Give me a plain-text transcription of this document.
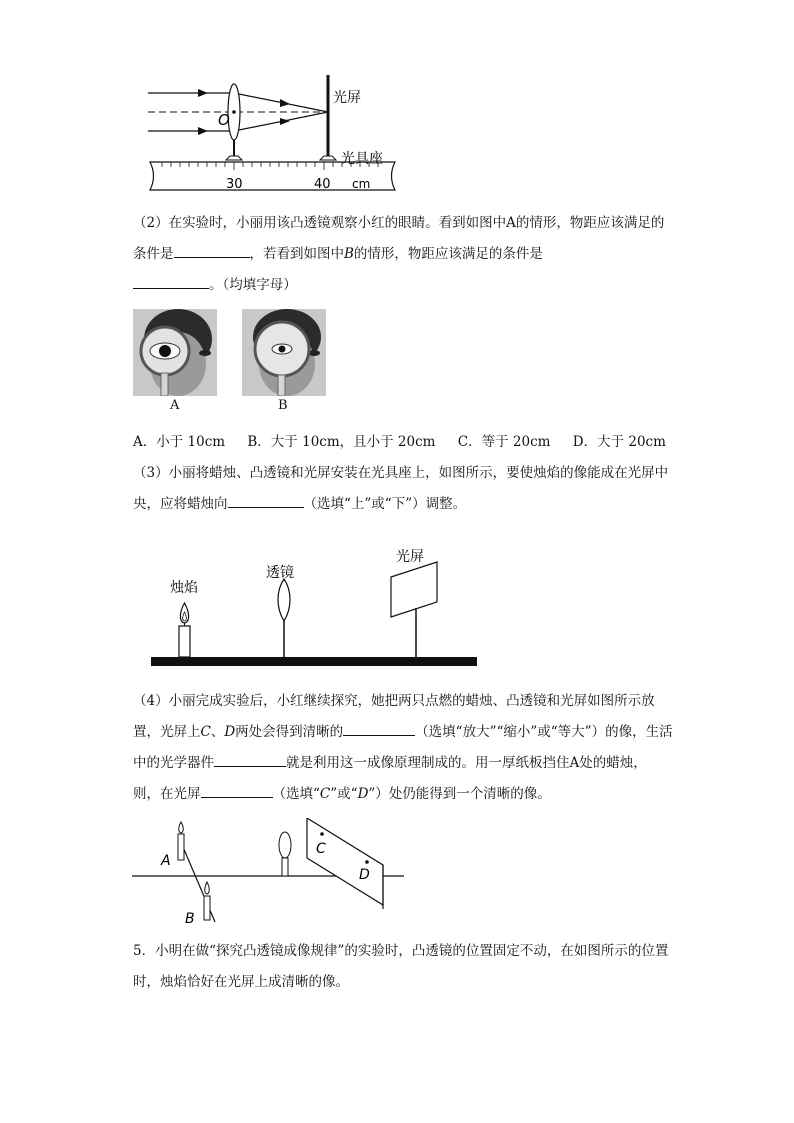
O
光屏
光具座
30	40 cm

（2）在实验时，小丽用该凸透镜观察小红的眼睛。看到如图中A的情形，物距应该满足的条件是	，若看到如图中B的情形，物距应该满足的条件是
。（均填字母）

A	B
A．小于 10cm B．大于 10cm，且小于 20cm C．等于 20cm D．大于 20cm

（3）小丽将蜡烛、凸透镜和光屏安装在光具座上，如图所示，要使烛焰的像能成在光屏中央，应将蜡烛向	（选填“上”或“下”）调整。

烛焰
透镜
光屏

（4）小丽完成实验后，小红继续探究，她把两只点燃的蜡烛、凸透镜和光屏如图所示放置，光屏上C、D两处会得到清晰的	（选填“放大”“缩小”或“等大”）的像，生活中的光学器件	就是利用这一成像原理制成的。用一厚纸板挡住A处的蜡烛，则，在光屏	（选填“C”或“D”）处仍能得到一个清晰的像。

A
B
C
D

5．小明在做“探究凸透镜成像规律”的实验时，凸透镜的位置固定不动，在如图所示的位置时，烛焰恰好在光屏上成清晰的像。
